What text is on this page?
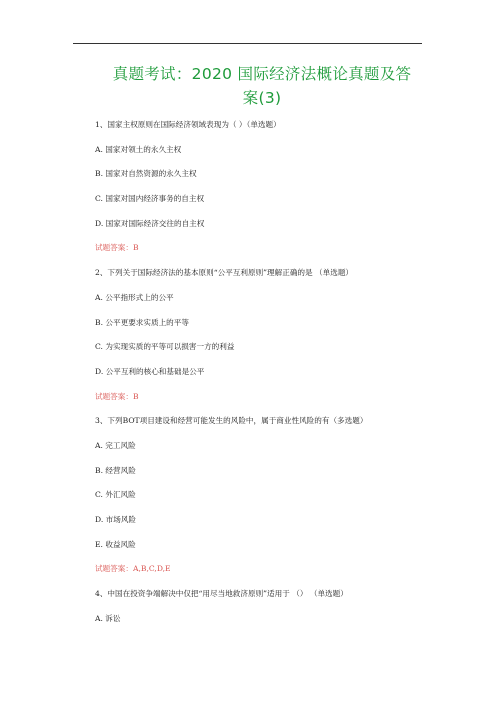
真题考试：2020 国际经济法概论真题及答
案(3)
1、国家主权原则在国际经济领域表现为（ ）（单选题）
A. 国家对领土的永久主权
B. 国家对自然资源的永久主权
C. 国家对国内经济事务的自主权
D. 国家对国际经济交往的自主权
试题答案：B
2、下列关于国际经济法的基本原则“公平互利原则”理解正确的是 （单选题）
A. 公平指形式上的公平
B. 公平更要求实质上的平等
C. 为实现实质的平等可以损害一方的利益
D. 公平互利的核心和基础是公平
试题答案：B
3、下列BOT项目建设和经营可能发生的风险中，属于商业性风险的有（多选题）
A. 完工风险
B. 经营风险
C. 外汇风险
D. 市场风险
E. 收益风险
试题答案：A,B,C,D,E
4、中国在投资争端解决中仅把“用尽当地救济原则”适用于 （） （单选题）
A. 诉讼
